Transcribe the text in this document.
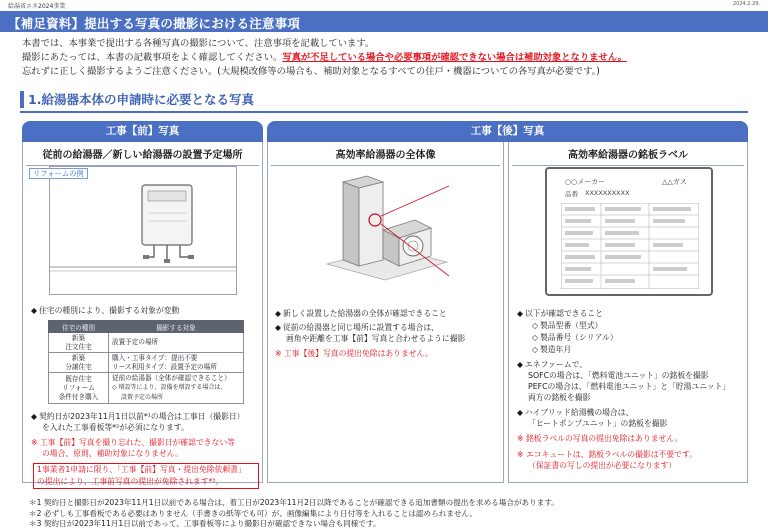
給湯省エネ2024事業	2024.2.29.
【補足資料】提出する写真の撮影における注意事項
本書では、本事業で提出する各種写真の撮影について、注意事項を記載しています。
撮影にあたっては、本書の記載事項をよく確認してください。写真が不足している場合や必要事項が確認できない場合は補助対象となりません。
忘れずに正しく撮影するようご注意ください。(大規模改修等の場合も、補助対象となるすべての住戸・機器についての各写真が必要です。)
1.給湯器本体の申請時に必要となる写真
工事【前】写真	工事【後】写真
従前の給湯器／新しい給湯器の設置予定場所	高効率給湯器の全体像	高効率給湯器の銘板ラベル
リフォームの例
○○メーカー	△△ガス
品番 XXXXXXXXXX
◆ 住宅の種別により、撮影する対象が変動
住宅の種別	撮影する対象
新築
注文住宅	設置予定の場所
新築
分譲住宅	購入・工事タイプ：提出不要
リース利用タイプ：設置予定の場所
既存住宅
リフォーム
条件付き購入	従前の給湯器（全体が確認できること）
◇ 増設等により、設備を増設する場合は、
設置予定の場所
◆ 契約日が2023年11月1日以前*¹の場合は工事日（撮影日）
を入れた工事看板等*²が必須になります。
※ 工事【前】写真を撮り忘れた、撮影日が確認できない等
の場合、原則、補助対象になりません。
1事業者1申請に限り、「工事【前】写真・提出免除依頼書」
の提出により、工事前写真の提出が免除されます*³。
◆ 新しく設置した給湯器の全体が確認できること
◆ 従前の給湯器と同じ場所に設置する場合は、
画角や距離を工事【前】写真と合わせるように撮影
※ 工事【後】写真の提出免除はありません。
◆ 以下が確認できること
◇ 製品型番（型式）
◇ 製品番号（シリアル）
◇ 製造年月
◆ エネファームで、
SOFCの場合は、「燃料電池ユニット」の銘板を撮影
PEFCの場合は、「燃料電池ユニット」と「貯湯ユニット」
両方の銘板を撮影
◆ ハイブリッド給湯機の場合は、
「ヒートポンプユニット」の銘板を撮影
※ 銘板ラベルの写真の提出免除はありません。
※ エコキュートは、銘板ラベルの撮影は不要です。
（保証書の写しの提出が必要になります）
＊1 契約日と撮影日が2023年11月1日以前である場合は、着工日が2023年11月2日以降であることが確認できる追加書類の提出を求める場合があります。
＊2 必ずしも工事看板である必要はありません（手書きの紙等でも可）が、画像編集により日付等を入れることは認められません。
＊3 契約日が2023年11月1日以前であって、工事看板等により撮影日が確認できない場合も同様です。
